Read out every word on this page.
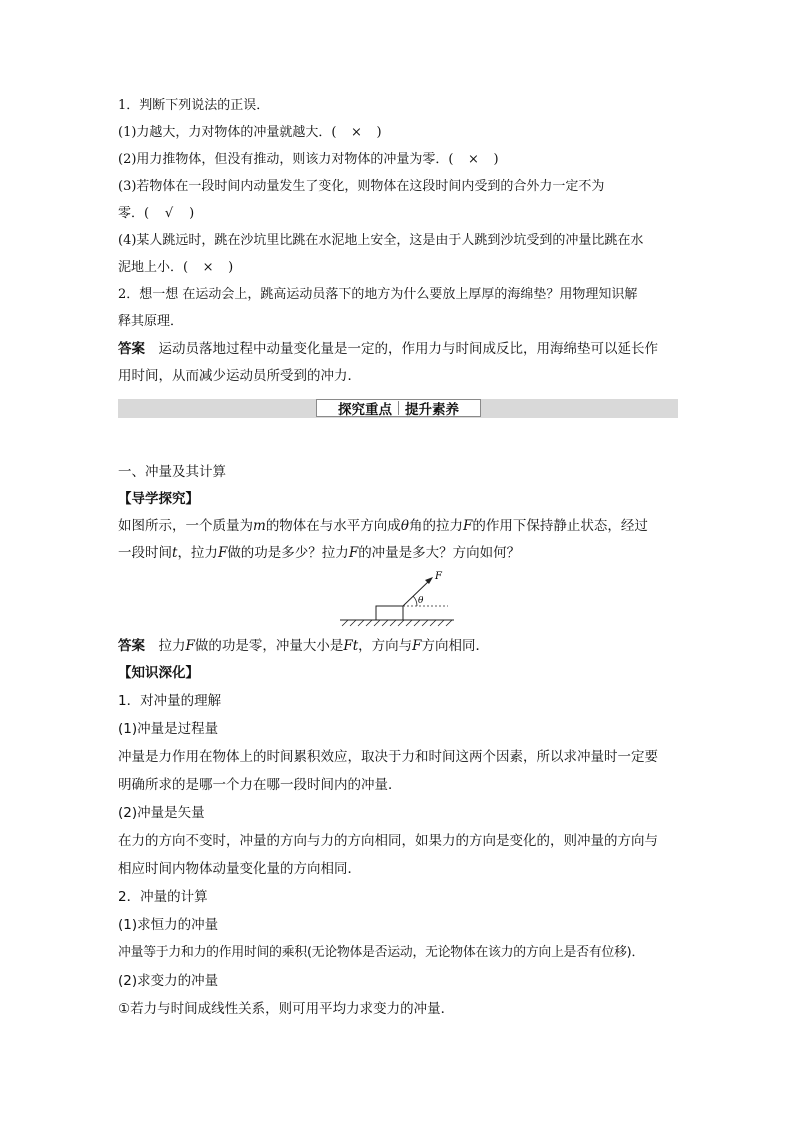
1．判断下列说法的正误．
(1)力越大，力对物体的冲量就越大．(　×　)
(2)用力推物体，但没有推动，则该力对物体的冲量为零．(　×　)
(3)若物体在一段时间内动量发生了变化，则物体在这段时间内受到的合外力一定不为
零．(　√　)
(4)某人跳远时，跳在沙坑里比跳在水泥地上安全，这是由于人跳到沙坑受到的冲量比跳在水
泥地上小．(　×　)
2．想一想 在运动会上，跳高运动员落下的地方为什么要放上厚厚的海绵垫？用物理知识解
释其原理．
答案　 运动员落地过程中动量变化量是一定的，作用力与时间成反比，用海绵垫可以延长作
用时间，从而减少运动员所受到的冲力．
探究重点 提升素养
一、冲量及其计算
【导学探究】
如图所示，一个质量为m的物体在与水平方向成θ角的拉力F的作用下保持静止状态，经过
一段时间t，拉力F做的功是多少？拉力F的冲量是多大？方向如何？
F
θ
答案　 拉力F做的功是零，冲量大小是Ft，方向与F方向相同．
【知识深化】
1．对冲量的理解
(1)冲量是过程量
冲量是力作用在物体上的时间累积效应，取决于力和时间这两个因素，所以求冲量时一定要
明确所求的是哪一个力在哪一段时间内的冲量．
(2)冲量是矢量
在力的方向不变时，冲量的方向与力的方向相同，如果力的方向是变化的，则冲量的方向与
相应时间内物体动量变化量的方向相同．
2．冲量的计算
(1)求恒力的冲量
冲量等于力和力的作用时间的乘积(无论物体是否运动，无论物体在该力的方向上是否有位移)．
(2)求变力的冲量
①若力与时间成线性关系，则可用平均力求变力的冲量．
